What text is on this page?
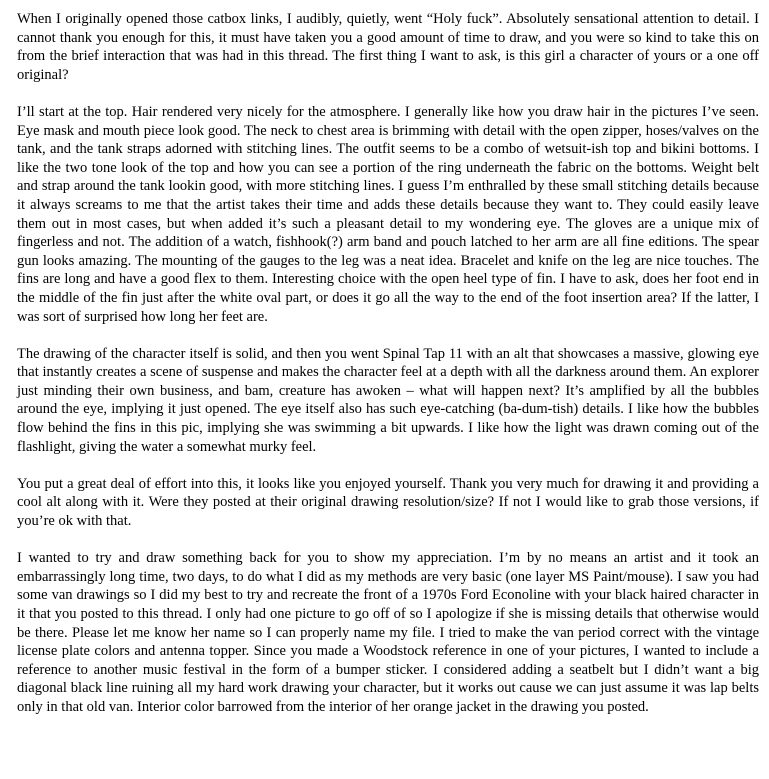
When I originally opened those catbox links, I audibly, quietly, went “Holy fuck”. Absolutely sensational attention to detail. I cannot thank you enough for this, it must have taken you a good amount of time to draw, and you were so kind to take this on from the brief interaction that was had in this thread. The first thing I want to ask, is this girl a character of yours or a one off original?

I’ll start at the top. Hair rendered very nicely for the atmosphere. I generally like how you draw hair in the pictures I’ve seen. Eye mask and mouth piece look good. The neck to chest area is brimming with detail with the open zipper, hoses/valves on the tank, and the tank straps adorned with stitching lines. The outfit seems to be a combo of wetsuit-ish top and bikini bottoms. I like the two tone look of the top and how you can see a portion of the ring underneath the fabric on the bottoms. Weight belt and strap around the tank lookin good, with more stitching lines. I guess I’m enthralled by these small stitching details because it always screams to me that the artist takes their time and adds these details because they want to. They could easily leave them out in most cases, but when added it’s such a pleasant detail to my wondering eye. The gloves are a unique mix of fingerless and not. The addition of a watch, fishhook(?) arm band and pouch latched to her arm are all fine editions. The spear gun looks amazing. The mounting of the gauges to the leg was a neat idea. Bracelet and knife on the leg are nice touches. The fins are long and have a good flex to them. Interesting choice with the open heel type of fin. I have to ask, does her foot end in the middle of the fin just after the white oval part, or does it go all the way to the end of the foot insertion area? If the latter, I was sort of surprised how long her feet are.

The drawing of the character itself is solid, and then you went Spinal Tap 11 with an alt that showcases a massive, glowing eye that instantly creates a scene of suspense and makes the character feel at a depth with all the darkness around them. An explorer just minding their own business, and bam, creature has awoken – what will happen next? It’s amplified by all the bubbles around the eye, implying it just opened. The eye itself also has such eye-catching (ba-dum-tish) details. I like how the bubbles flow behind the fins in this pic, implying she was swimming a bit upwards. I like how the light was drawn coming out of the flashlight, giving the water a somewhat murky feel.

You put a great deal of effort into this, it looks like you enjoyed yourself. Thank you very much for drawing it and providing a cool alt along with it. Were they posted at their original drawing resolution/size? If not I would like to grab those versions, if you’re ok with that.

I wanted to try and draw something back for you to show my appreciation. I’m by no means an artist and it took an embarrassingly long time, two days, to do what I did as my methods are very basic (one layer MS Paint/mouse). I saw you had some van drawings so I did my best to try and recreate the front of a 1970s Ford Econoline with your black haired character in it that you posted to this thread. I only had one picture to go off of so I apologize if she is missing details that otherwise would be there. Please let me know her name so I can properly name my file. I tried to make the van period correct with the vintage license plate colors and antenna topper. Since you made a Woodstock reference in one of your pictures, I wanted to include a reference to another music festival in the form of a bumper sticker. I considered adding a seatbelt but I didn’t want a big diagonal black line ruining all my hard work drawing your character, but it works out cause we can just assume it was lap belts only in that old van. Interior color barrowed from the interior of her orange jacket in the drawing you posted.
